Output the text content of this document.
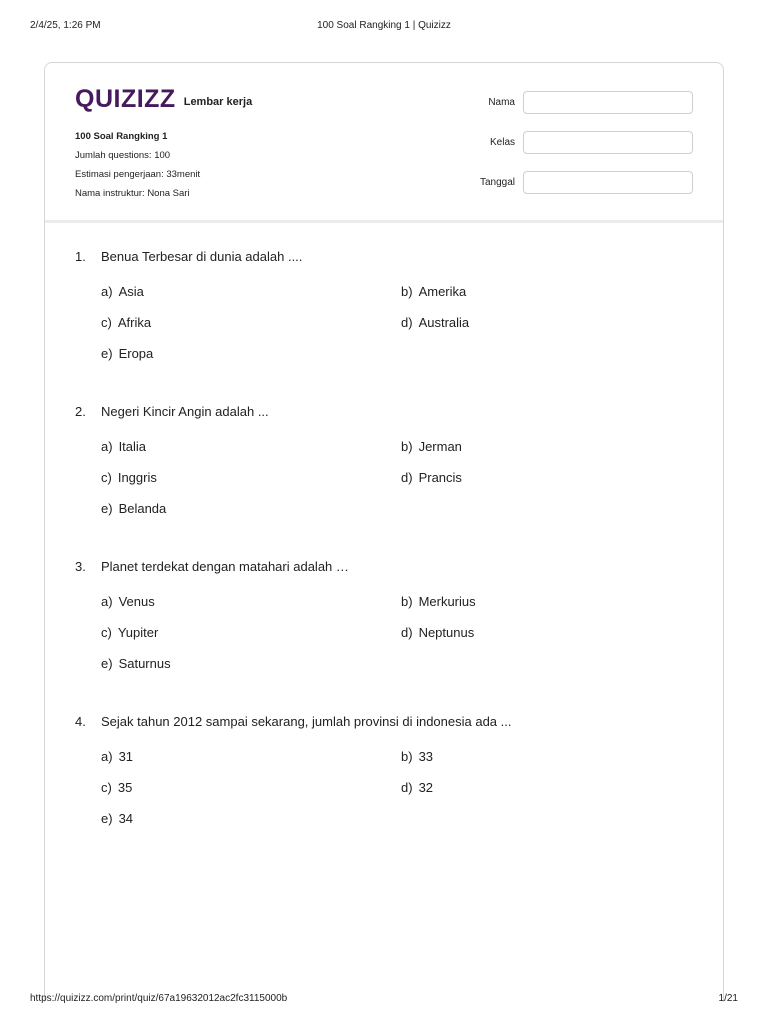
2/4/25, 1:26 PM	100 Soal Rangking 1 | Quizizz
QUIZIZZ Lembar kerja
100 Soal Rangking 1
Jumlah questions: 100
Estimasi pengerjaan: 33menit
Nama instruktur: Nona Sari
Nama
Kelas
Tanggal
1.	Benua Terbesar di dunia adalah ....
a) Asia	b) Amerika
c) Afrika	d) Australia
e) Eropa
2.	Negeri Kincir Angin adalah ...
a) Italia	b) Jerman
c) Inggris	d) Prancis
e) Belanda
3.	Planet terdekat dengan matahari adalah …
a) Venus	b) Merkurius
c) Yupiter	d) Neptunus
e) Saturnus
4.	Sejak tahun 2012 sampai sekarang, jumlah provinsi di indonesia ada ...
a) 31	b) 33
c) 35	d) 32
e) 34
https://quizizz.com/print/quiz/67a19632012ac2fc3115000b	1/21
